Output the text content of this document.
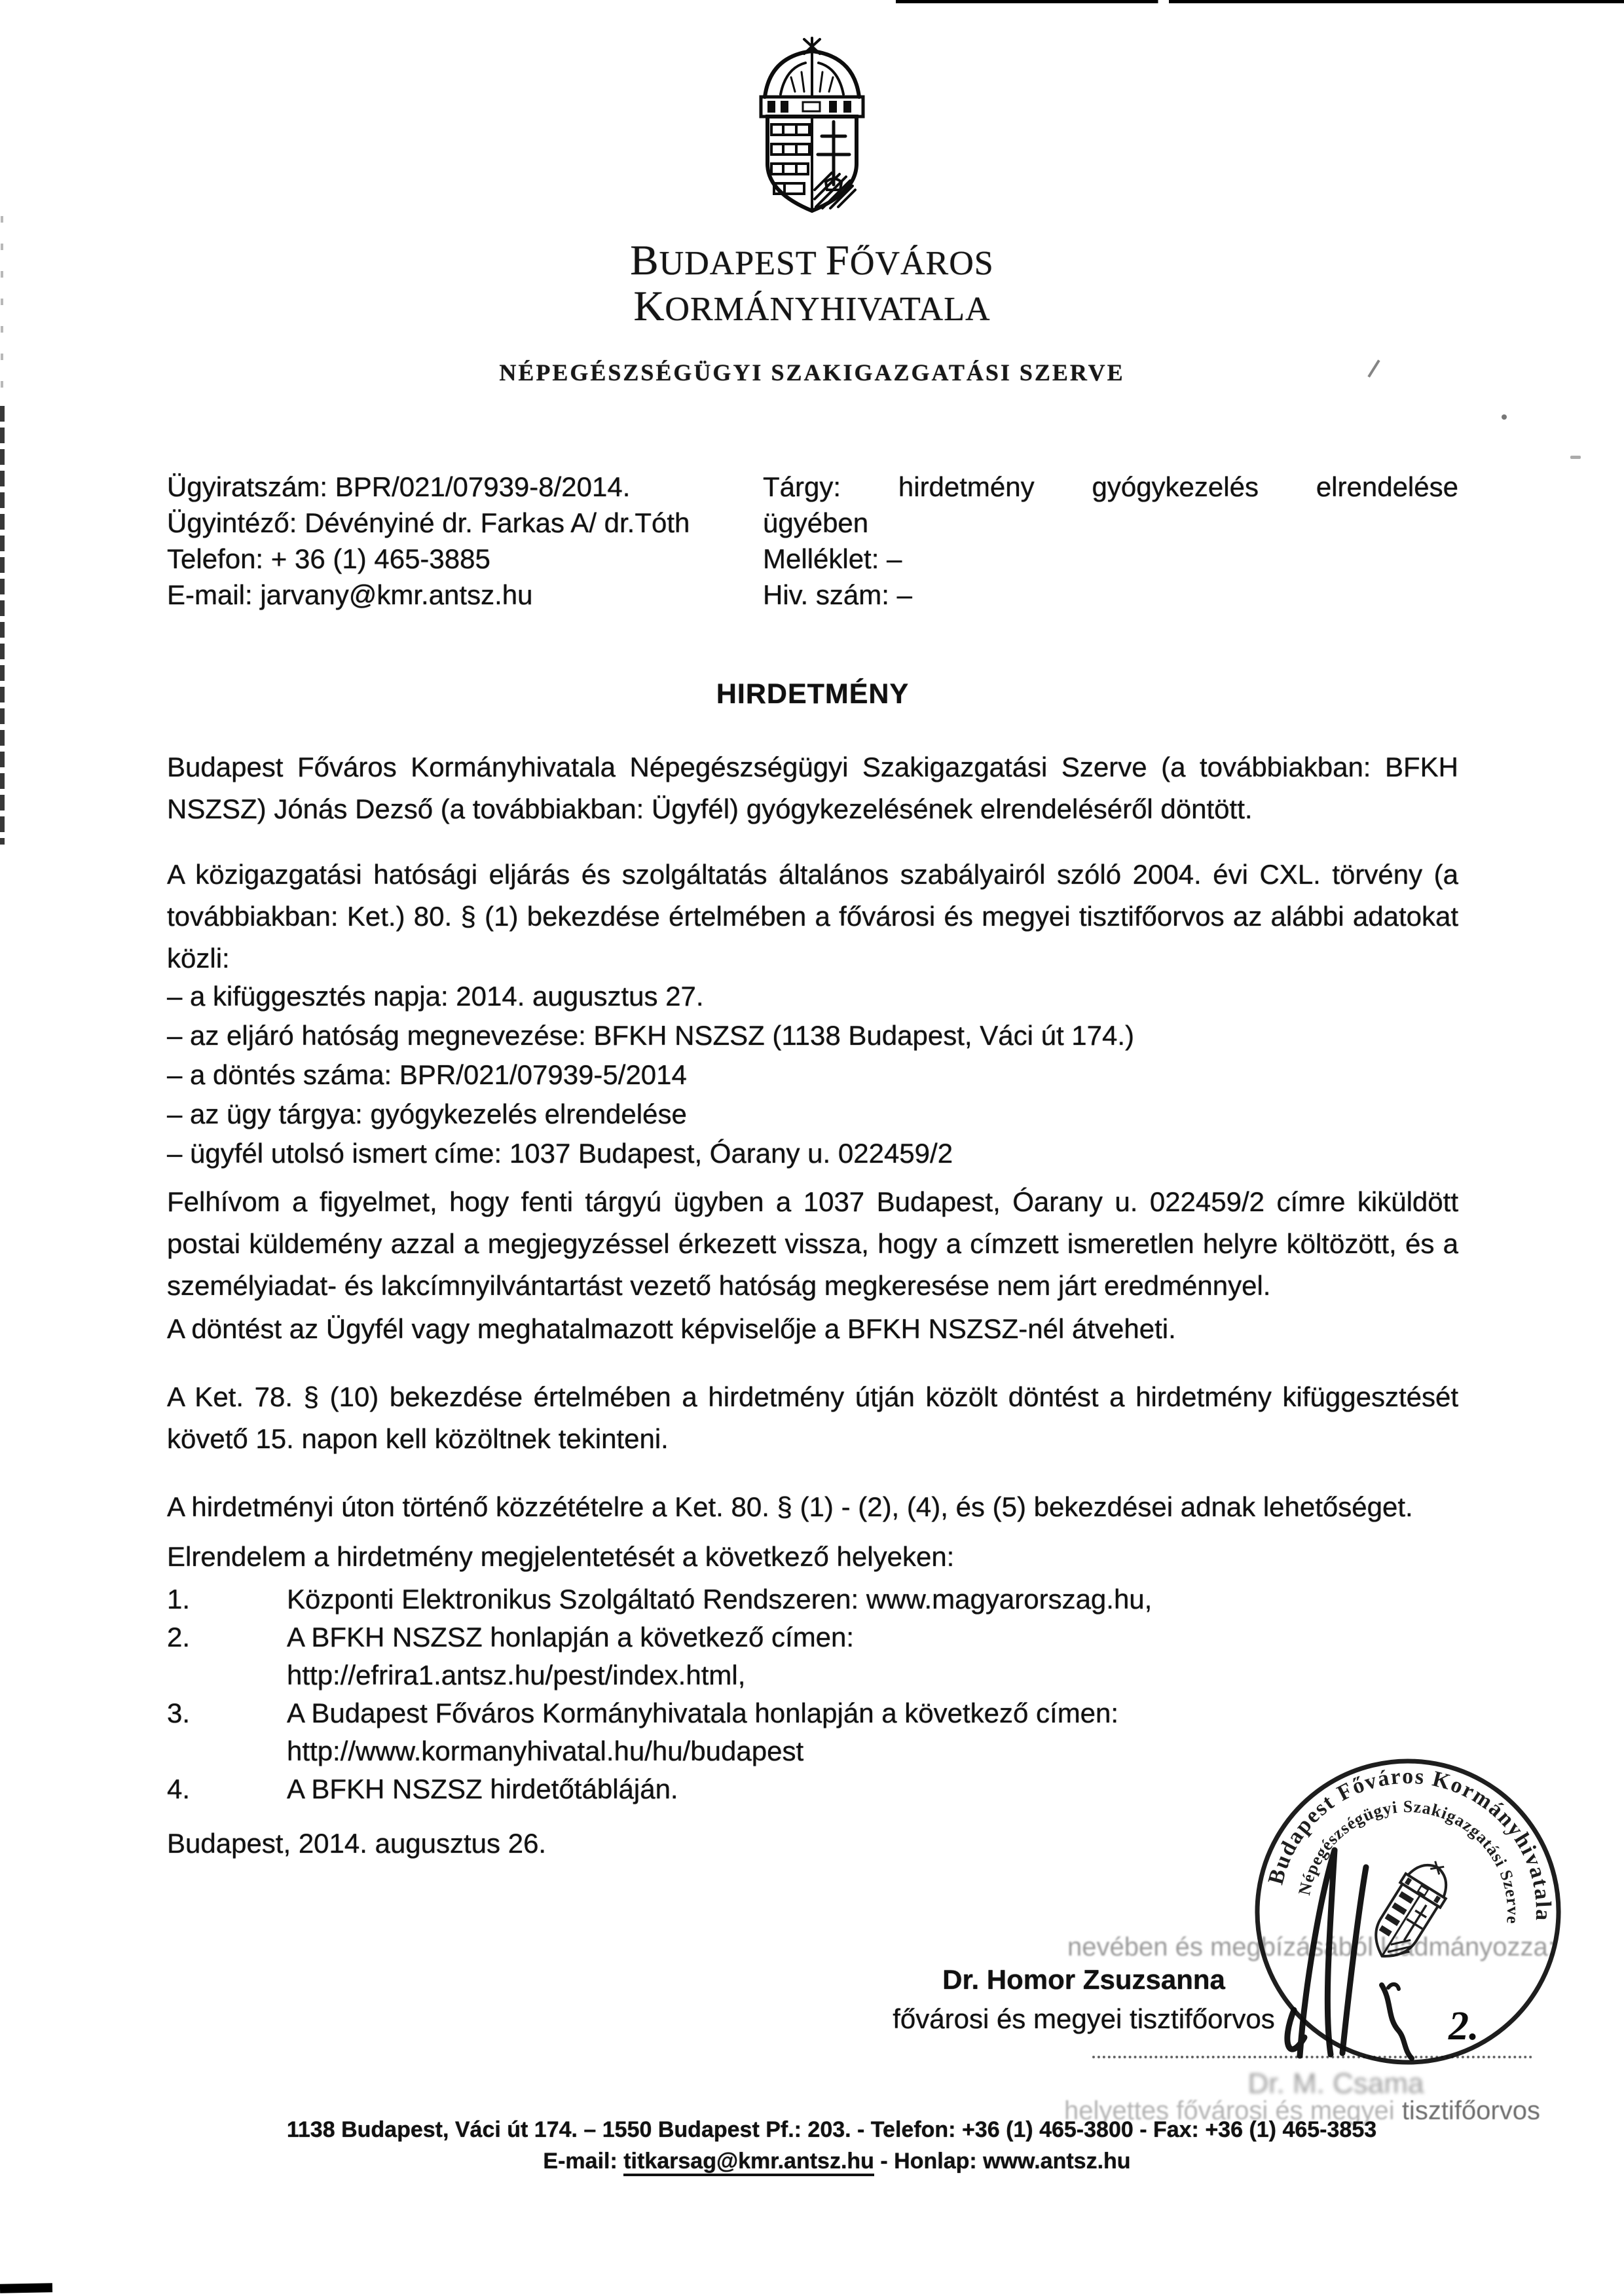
BUDAPEST FŐVÁROS
KORMÁNYHIVATALA
NÉPEGÉSZSÉGÜGYI SZAKIGAZGATÁSI SZERVE
Ügyiratszám: BPR/021/07939-8/2014.
Ügyintéző: Dévényiné dr. Farkas A/ dr.Tóth
Telefon: + 36 (1) 465-3885
E-mail: jarvany@kmr.antsz.hu
Tárgy: hirdetmény gyógykezelés elrendelése
ügyében
Melléklet: –
Hiv. szám: –
HIRDETMÉNY

Budapest Főváros Kormányhivatala Népegészségügyi Szakigazgatási Szerve (a továbbiakban: BFKH NSZSZ) Jónás Dezső (a továbbiakban: Ügyfél) gyógykezelésének elrendeléséről döntött.

A közigazgatási hatósági eljárás és szolgáltatás általános szabályairól szóló 2004. évi CXL. törvény (a továbbiakban: Ket.) 80. § (1) bekezdése értelmében a fővárosi és megyei tisztifőorvos az alábbi adatokat közli:

– a kifüggesztés napja: 2014. augusztus 27.
– az eljáró hatóság megnevezése: BFKH NSZSZ (1138 Budapest, Váci út 174.)
– a döntés száma: BPR/021/07939-5/2014
– az ügy tárgya: gyógykezelés elrendelése
– ügyfél utolsó ismert címe: 1037 Budapest, Óarany u. 022459/2

Felhívom a figyelmet, hogy fenti tárgyú ügyben a 1037 Budapest, Óarany u. 022459/2 címre kiküldött postai küldemény azzal a megjegyzéssel érkezett vissza, hogy a címzett ismeretlen helyre költözött, és a személyiadat- és lakcímnyilvántartást vezető hatóság megkeresése nem járt eredménnyel.

A döntést az Ügyfél vagy meghatalmazott képviselője a BFKH NSZSZ-nél átveheti.

A Ket. 78. § (10) bekezdése értelmében a hirdetmény útján közölt döntést a hirdetmény kifüggesztését követő 15. napon kell közöltnek tekinteni.

A hirdetményi úton történő közzétételre a Ket. 80. § (1) - (2), (4), és (5) bekezdései adnak lehetőséget.

Elrendelem a hirdetmény megjelentetését a következő helyeken:

1.	Központi Elektronikus Szolgáltató Rendszeren: www.magyarorszag.hu,
2.	A BFKH NSZSZ honlapján a következő címen:
http://efrira1.antsz.hu/pest/index.html,
3.	A Budapest Főváros Kormányhivatala honlapján a következő címen:
http://www.kormanyhivatal.hu/hu/budapest
4.	A BFKH NSZSZ hirdetőtábláján.
Budapest, 2014. augusztus 26.
nevében és megbízásából kiadmányozza:
Dr. Homor Zsuzsanna
fővárosi és megyei tisztifőorvos
Dr. M. Csama
helyettes fővárosi és megyei tisztifőorvos
Budapest Főváros Kormányhivatala
Népegészségügyi Szakigazgatási Szerve
2.
1138 Budapest, Váci út 174. – 1550 Budapest Pf.: 203. - Telefon: +36 (1) 465-3800 - Fax: +36 (1) 465-3853
E-mail: titkarsag@kmr.antsz.hu - Honlap: www.antsz.hu
